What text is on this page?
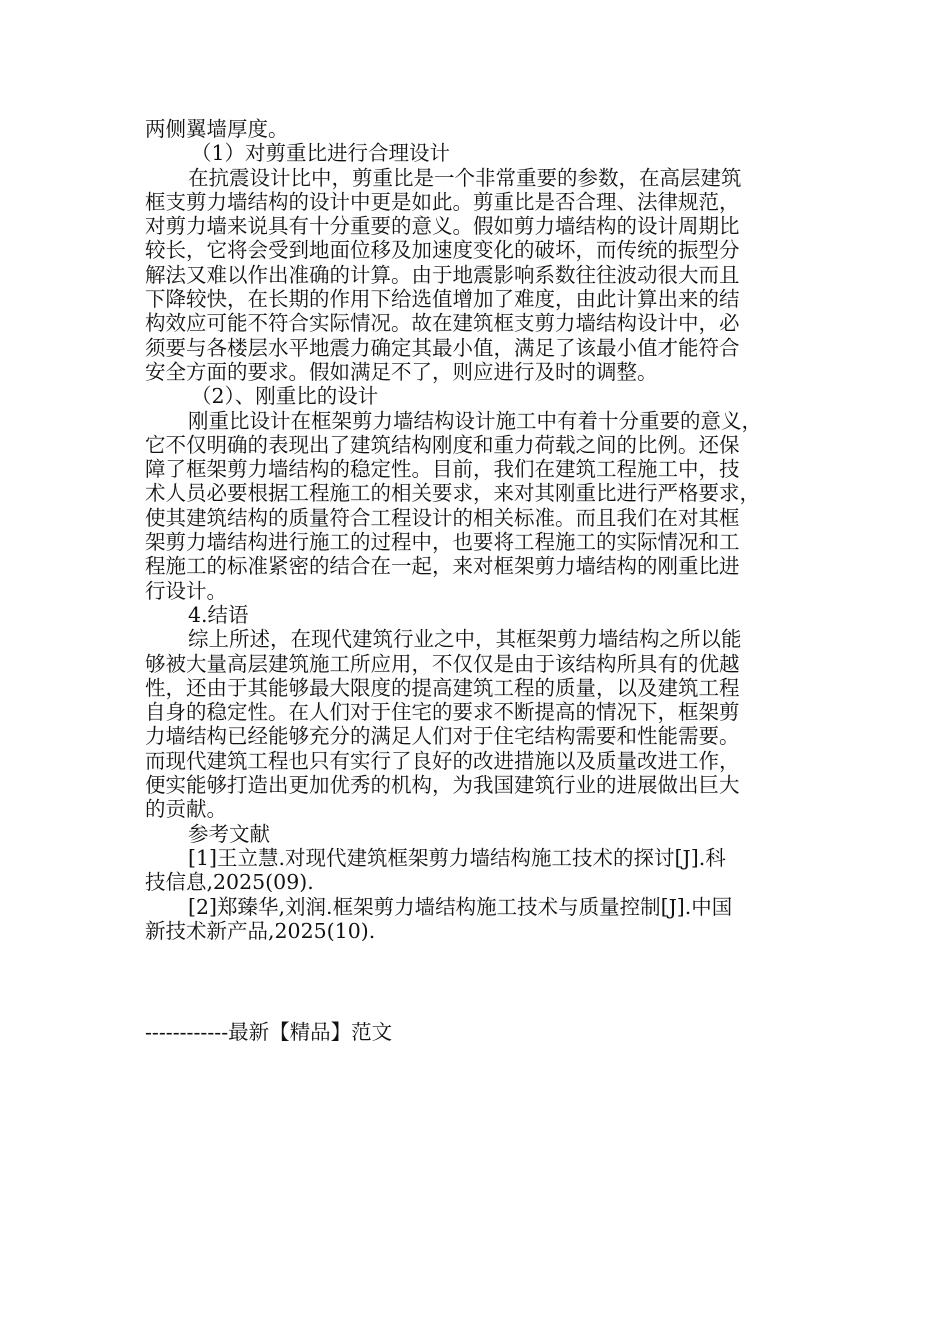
两侧翼墙厚度。
（1）对剪重比进行合理设计
在抗震设计比中，剪重比是一个非常重要的参数，在高层建筑
框支剪力墙结构的设计中更是如此。剪重比是否合理、法律规范，
对剪力墙来说具有十分重要的意义。假如剪力墙结构的设计周期比
较长，它将会受到地面位移及加速度变化的破坏，而传统的振型分
解法又难以作出准确的计算。由于地震影响系数往往波动很大而且
下降较快，在长期的作用下给选值增加了难度，由此计算出来的结
构效应可能不符合实际情况。故在建筑框支剪力墙结构设计中，必
须要与各楼层水平地震力确定其最小值，满足了该最小值才能符合
安全方面的要求。假如满足不了，则应进行及时的调整。
（2）、刚重比的设计
刚重比设计在框架剪力墙结构设计施工中有着十分重要的意义，
它不仅明确的表现出了建筑结构刚度和重力荷载之间的比例。还保
障了框架剪力墙结构的稳定性。目前，我们在建筑工程施工中，技
术人员必要根据工程施工的相关要求，来对其刚重比进行严格要求，
使其建筑结构的质量符合工程设计的相关标准。而且我们在对其框
架剪力墙结构进行施工的过程中，也要将工程施工的实际情况和工
程施工的标准紧密的结合在一起，来对框架剪力墙结构的刚重比进
行设计。
4.结语
综上所述，在现代建筑行业之中，其框架剪力墙结构之所以能
够被大量高层建筑施工所应用，不仅仅是由于该结构所具有的优越
性，还由于其能够最大限度的提高建筑工程的质量，以及建筑工程
自身的稳定性。在人们对于住宅的要求不断提高的情况下，框架剪
力墙结构已经能够充分的满足人们对于住宅结构需要和性能需要。
而现代建筑工程也只有实行了良好的改进措施以及质量改进工作，
便实能够打造出更加优秀的机构，为我国建筑行业的进展做出巨大
的贡献。
参考文献
[1]王立慧.对现代建筑框架剪力墙结构施工技术的探讨[J].科
技信息,2025(09).
[2]郑臻华,刘润.框架剪力墙结构施工技术与质量控制[J].中国
新技术新产品,2025(10).
------------最新【精品】范文
